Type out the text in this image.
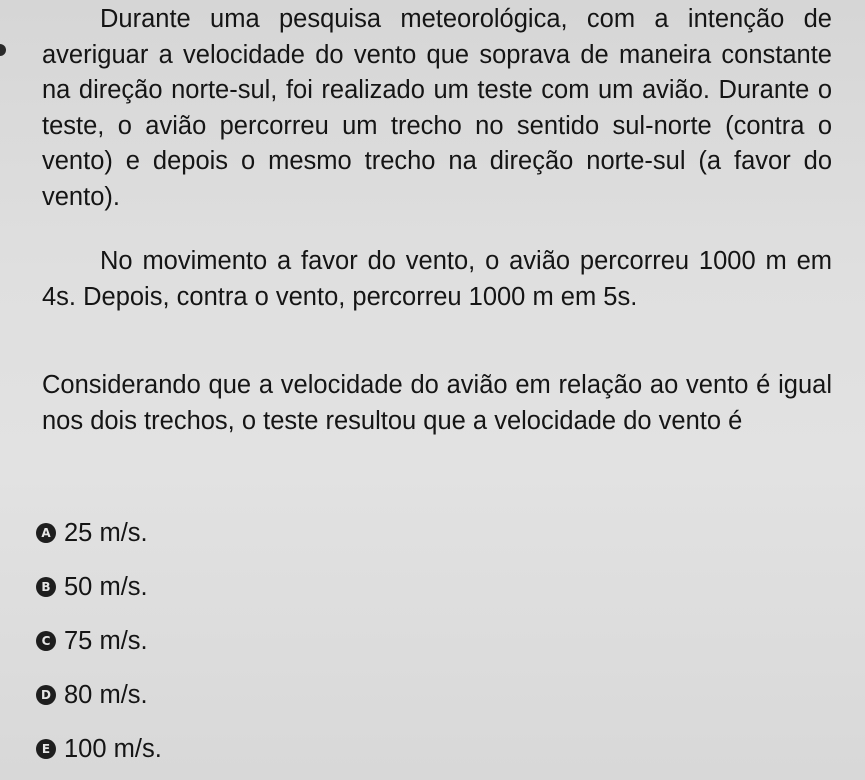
Durante uma pesquisa meteorológica, com a intenção de averiguar a velocidade do vento que soprava de maneira constante na direção norte-sul, foi realizado um teste com um avião. Durante o teste, o avião percorreu um trecho no sentido sul-norte (contra o vento) e depois o mesmo trecho na direção norte-sul (a favor do vento).

No movimento a favor do vento, o avião percorreu 1000 m em 4s. Depois, contra o vento, percorreu 1000 m em 5s.

Considerando que a velocidade do avião em relação ao vento é igual nos dois trechos, o teste resultou que a velocidade do vento é

A 25 m/s.
B 50 m/s.
C 75 m/s.
D 80 m/s.
E 100 m/s.
